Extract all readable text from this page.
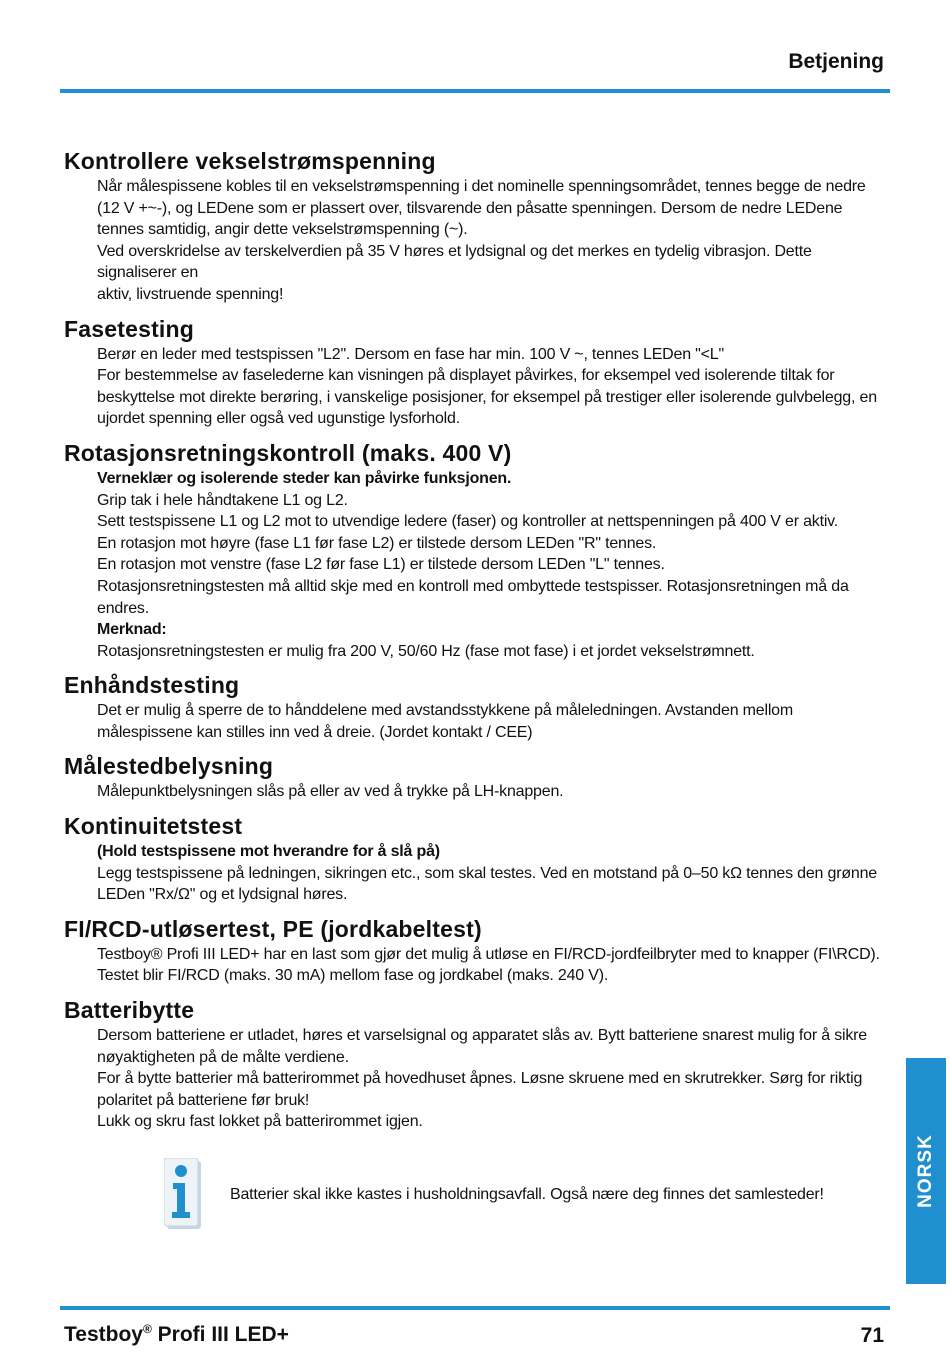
Betjening
Kontrollere vekselstrømspenning

Når målespissene kobles til en vekselstrømspenning i det nominelle spenningsområdet, tennes begge de nedre

(12 V +~-), og LEDene som er plassert over, tilsvarende den påsatte spenningen. Dersom de nedre LEDene

tennes samtidig, angir dette vekselstrømspenning (~).

Ved overskridelse av terskelverdien på 35 V høres et lydsignal og det merkes en tydelig vibrasjon. Dette signaliserer en

aktiv, livstruende spenning!

Fasetesting

Berør en leder med testspissen "L2". Dersom en fase har min. 100 V ~, tennes LEDen "<L"

For bestemmelse av faselederne kan visningen på displayet påvirkes, for eksempel ved isolerende tiltak for

beskyttelse mot direkte berøring, i vanskelige posisjoner, for eksempel på trestiger eller isolerende gulvbelegg, en

ujordet spenning eller også ved ugunstige lysforhold.

Rotasjonsretningskontroll (maks. 400 V)

Verneklær og isolerende steder kan påvirke funksjonen.

Grip tak i hele håndtakene L1 og L2.

Sett testspissene L1 og L2 mot to utvendige ledere (faser) og kontroller at nettspenningen på 400 V er aktiv.

En rotasjon mot høyre (fase L1 før fase L2) er tilstede dersom LEDen "R" tennes.

En rotasjon mot venstre (fase L2 før fase L1) er tilstede dersom LEDen "L" tennes.

Rotasjonsretningstesten må alltid skje med en kontroll med ombyttede testspisser. Rotasjonsretningen må da

endres.

Merknad:

Rotasjonsretningstesten er mulig fra 200 V, 50/60 Hz (fase mot fase) i et jordet vekselstrømnett.

Enhåndstesting

Det er mulig å sperre de to hånddelene med avstandsstykkene på måleledningen. Avstanden mellom

målespissene kan stilles inn ved å dreie. (Jordet kontakt / CEE)

Målestedbelysning

Målepunktbelysningen slås på eller av ved å trykke på LH-knappen.

Kontinuitetstest

(Hold testspissene mot hverandre for å slå på)

Legg testspissene på ledningen, sikringen etc., som skal testes. Ved en motstand på 0–50 kΩ tennes den grønne

LEDen "Rx/Ω" og et lydsignal høres.

FI/RCD-utløsertest, PE (jordkabeltest)

Testboy® Profi III LED+ har en last som gjør det mulig å utløse en FI/RCD-jordfeilbryter med to knapper (FI\RCD).

Testet blir FI/RCD (maks. 30 mA) mellom fase og jordkabel (maks. 240 V).

Batteribytte

Dersom batteriene er utladet, høres et varselsignal og apparatet slås av. Bytt batteriene snarest mulig for å sikre

nøyaktigheten på de målte verdiene.

For å bytte batterier må batterirommet på hovedhuset åpnes. Løsne skruene med en skrutrekker. Sørg for riktig

polaritet på batteriene før bruk!

Lukk og skru fast lokket på batterirommet igjen.

Batterier skal ikke kastes i husholdningsavfall. Også nære deg finnes det samlesteder!	NORSK
Testboy® Profi III LED+	71
